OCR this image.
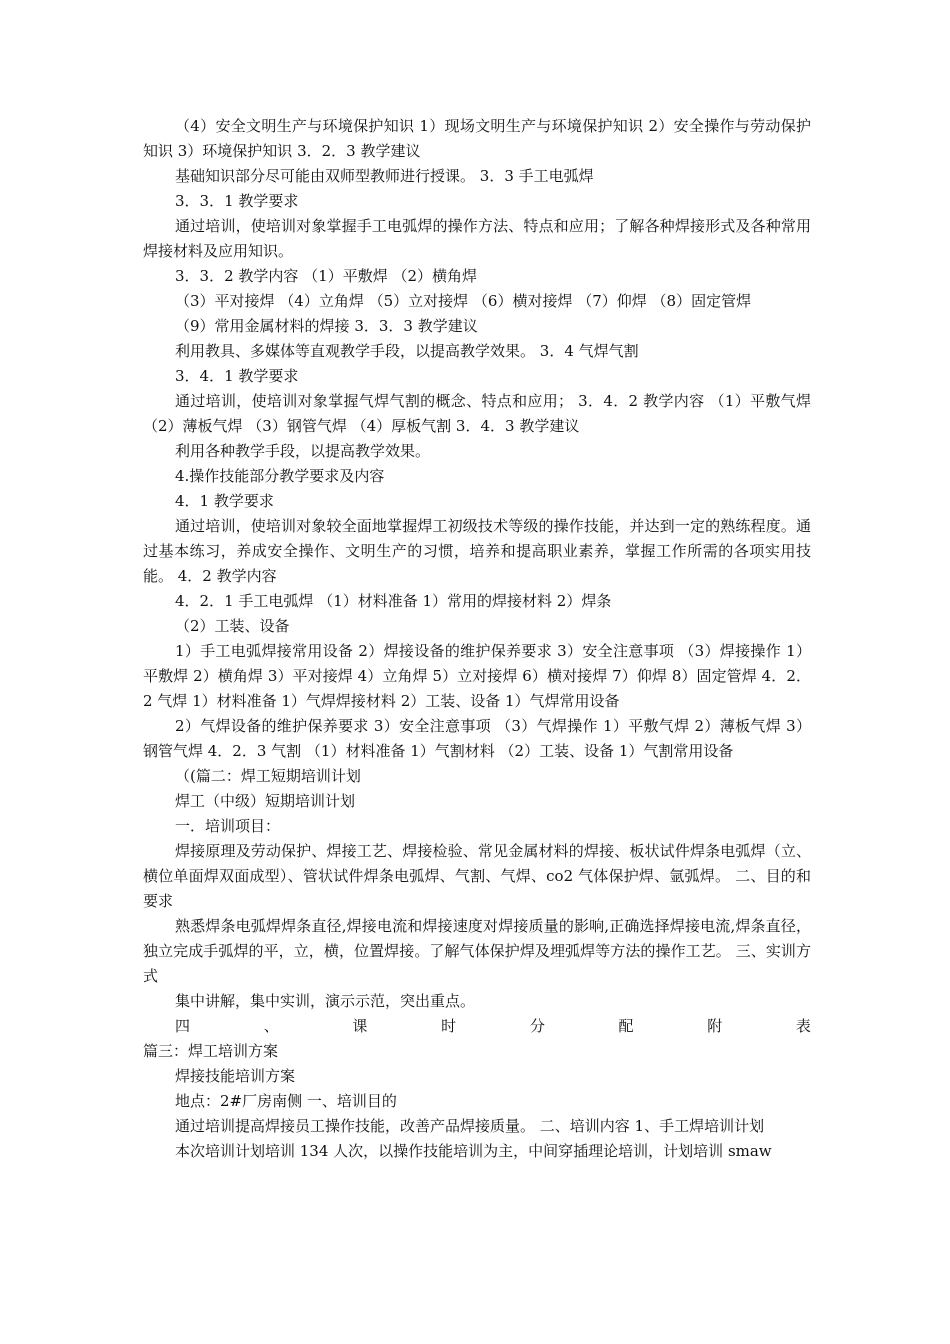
（4）安全文明生产与环境保护知识 1）现场文明生产与环境保护知识 2）安全操作与劳动保护知识 3）环境保护知识 3．2．3 教学建议

基础知识部分尽可能由双师型教师进行授课。 3．3 手工电弧焊

3．3．1 教学要求

通过培训，使培训对象掌握手工电弧焊的操作方法、特点和应用；了解各种焊接形式及各种常用焊接材料及应用知识。

3．3．2 教学内容 （1）平敷焊 （2）横角焊

（3）平对接焊 （4）立角焊 （5）立对接焊 （6）横对接焊 （7）仰焊 （8）固定管焊

（9）常用金属材料的焊接 3．3．3 教学建议

利用教具、多媒体等直观教学手段，以提高教学效果。 3．4 气焊气割

3．4．1 教学要求

通过培训，使培训对象掌握气焊气割的概念、特点和应用； 3．4．2 教学内容 （1）平敷气焊 （2）薄板气焊 （3）钢管气焊 （4）厚板气割 3．4．3 教学建议

利用各种教学手段，以提高教学效果。

4.操作技能部分教学要求及内容

4．1 教学要求

通过培训，使培训对象较全面地掌握焊工初级技术等级的操作技能，并达到一定的熟练程度。通过基本练习，养成安全操作、文明生产的习惯，培养和提高职业素养，掌握工作所需的各项实用技能。 4．2 教学内容

4．2．1 手工电弧焊 （1）材料准备 1）常用的焊接材料 2）焊条

（2）工装、设备

1）手工电弧焊接常用设备 2）焊接设备的维护保养要求 3）安全注意事项 （3）焊接操作 1）平敷焊 2）横角焊 3）平对接焊 4）立角焊 5）立对接焊 6）横对接焊 7）仰焊 8）固定管焊 4．2．2 气焊 1）材料准备 1）气焊焊接材料 2）工装、设备 1）气焊常用设备

2）气焊设备的维护保养要求 3）安全注意事项 （3）气焊操作 1）平敷气焊 2）薄板气焊 3）钢管气焊 4．2．3 气割 （1）材料准备 1）气割材料 （2）工装、设备 1）气割常用设备

（(篇二：焊工短期培训计划

焊工（中级）短期培训计划

一．培训项目：

焊接原理及劳动保护、焊接工艺、焊接检验、常见金属材料的焊接、板状试件焊条电弧焊（立、横位单面焊双面成型）、管状试件焊条电弧焊、气割、气焊、co2 气体保护焊、氩弧焊。 二、目的和要求

熟悉焊条电弧焊焊条直径,焊接电流和焊接速度对焊接质量的影响,正确选择焊接电流,焊条直径，独立完成手弧焊的平，立，横，位置焊接。了解气体保护焊及埋弧焊等方法的操作工艺。 三、实训方式

集中讲解，集中实训，演示示范，突出重点。

四	、	课	时	分	配	附	表

篇三：焊工培训方案

焊接技能培训方案

地点：2#厂房南侧 一、培训目的

通过培训提高焊接员工操作技能，改善产品焊接质量。 二、培训内容 1、手工焊培训计划

本次培训计划培训 134 人次，以操作技能培训为主，中间穿插理论培训，计划培训 smaw
